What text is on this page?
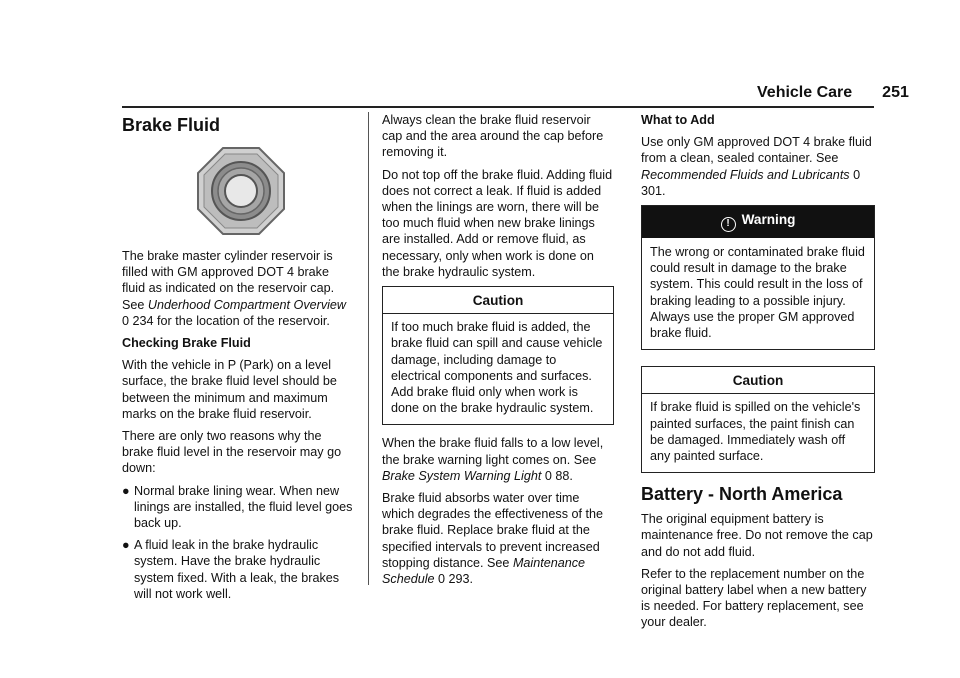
Vehicle Care 251
Brake Fluid

The brake master cylinder reservoir is filled with GM approved DOT 4 brake fluid as indicated on the reservoir cap. See Underhood Compartment Overview 0 234 for the location of the reservoir.

Checking Brake Fluid

With the vehicle in P (Park) on a level surface, the brake fluid level should be between the minimum and maximum marks on the brake fluid reservoir.

There are only two reasons why the brake fluid level in the reservoir may go down:

● Normal brake lining wear. When new linings are installed, the fluid level goes back up.
● A fluid leak in the brake hydraulic system. Have the brake hydraulic system fixed. With a leak, the brakes will not work well.

Always clean the brake fluid reservoir cap and the area around the cap before removing it.

Do not top off the brake fluid. Adding fluid does not correct a leak. If fluid is added when the linings are worn, there will be too much fluid when new brake linings are installed. Add or remove fluid, as necessary, only when work is done on the brake hydraulic system.

Caution
If too much brake fluid is added, the brake fluid can spill and cause vehicle damage, including damage to electrical components and surfaces. Add brake fluid only when work is done on the brake hydraulic system.

When the brake fluid falls to a low level, the brake warning light comes on. See Brake System Warning Light 0 88.

Brake fluid absorbs water over time which degrades the effectiveness of the brake fluid. Replace brake fluid at the specified intervals to prevent increased stopping distance. See Maintenance Schedule 0 293.

What to Add

Use only GM approved DOT 4 brake fluid from a clean, sealed container. See Recommended Fluids and Lubricants 0 301.

! Warning
The wrong or contaminated brake fluid could result in damage to the brake system. This could result in the loss of braking leading to a possible injury. Always use the proper GM approved brake fluid.
Caution
If brake fluid is spilled on the vehicle's painted surfaces, the paint finish can be damaged. Immediately wash off any painted surface.
Battery - North America

The original equipment battery is maintenance free. Do not remove the cap and do not add fluid.

Refer to the replacement number on the original battery label when a new battery is needed. For battery replacement, see your dealer.
